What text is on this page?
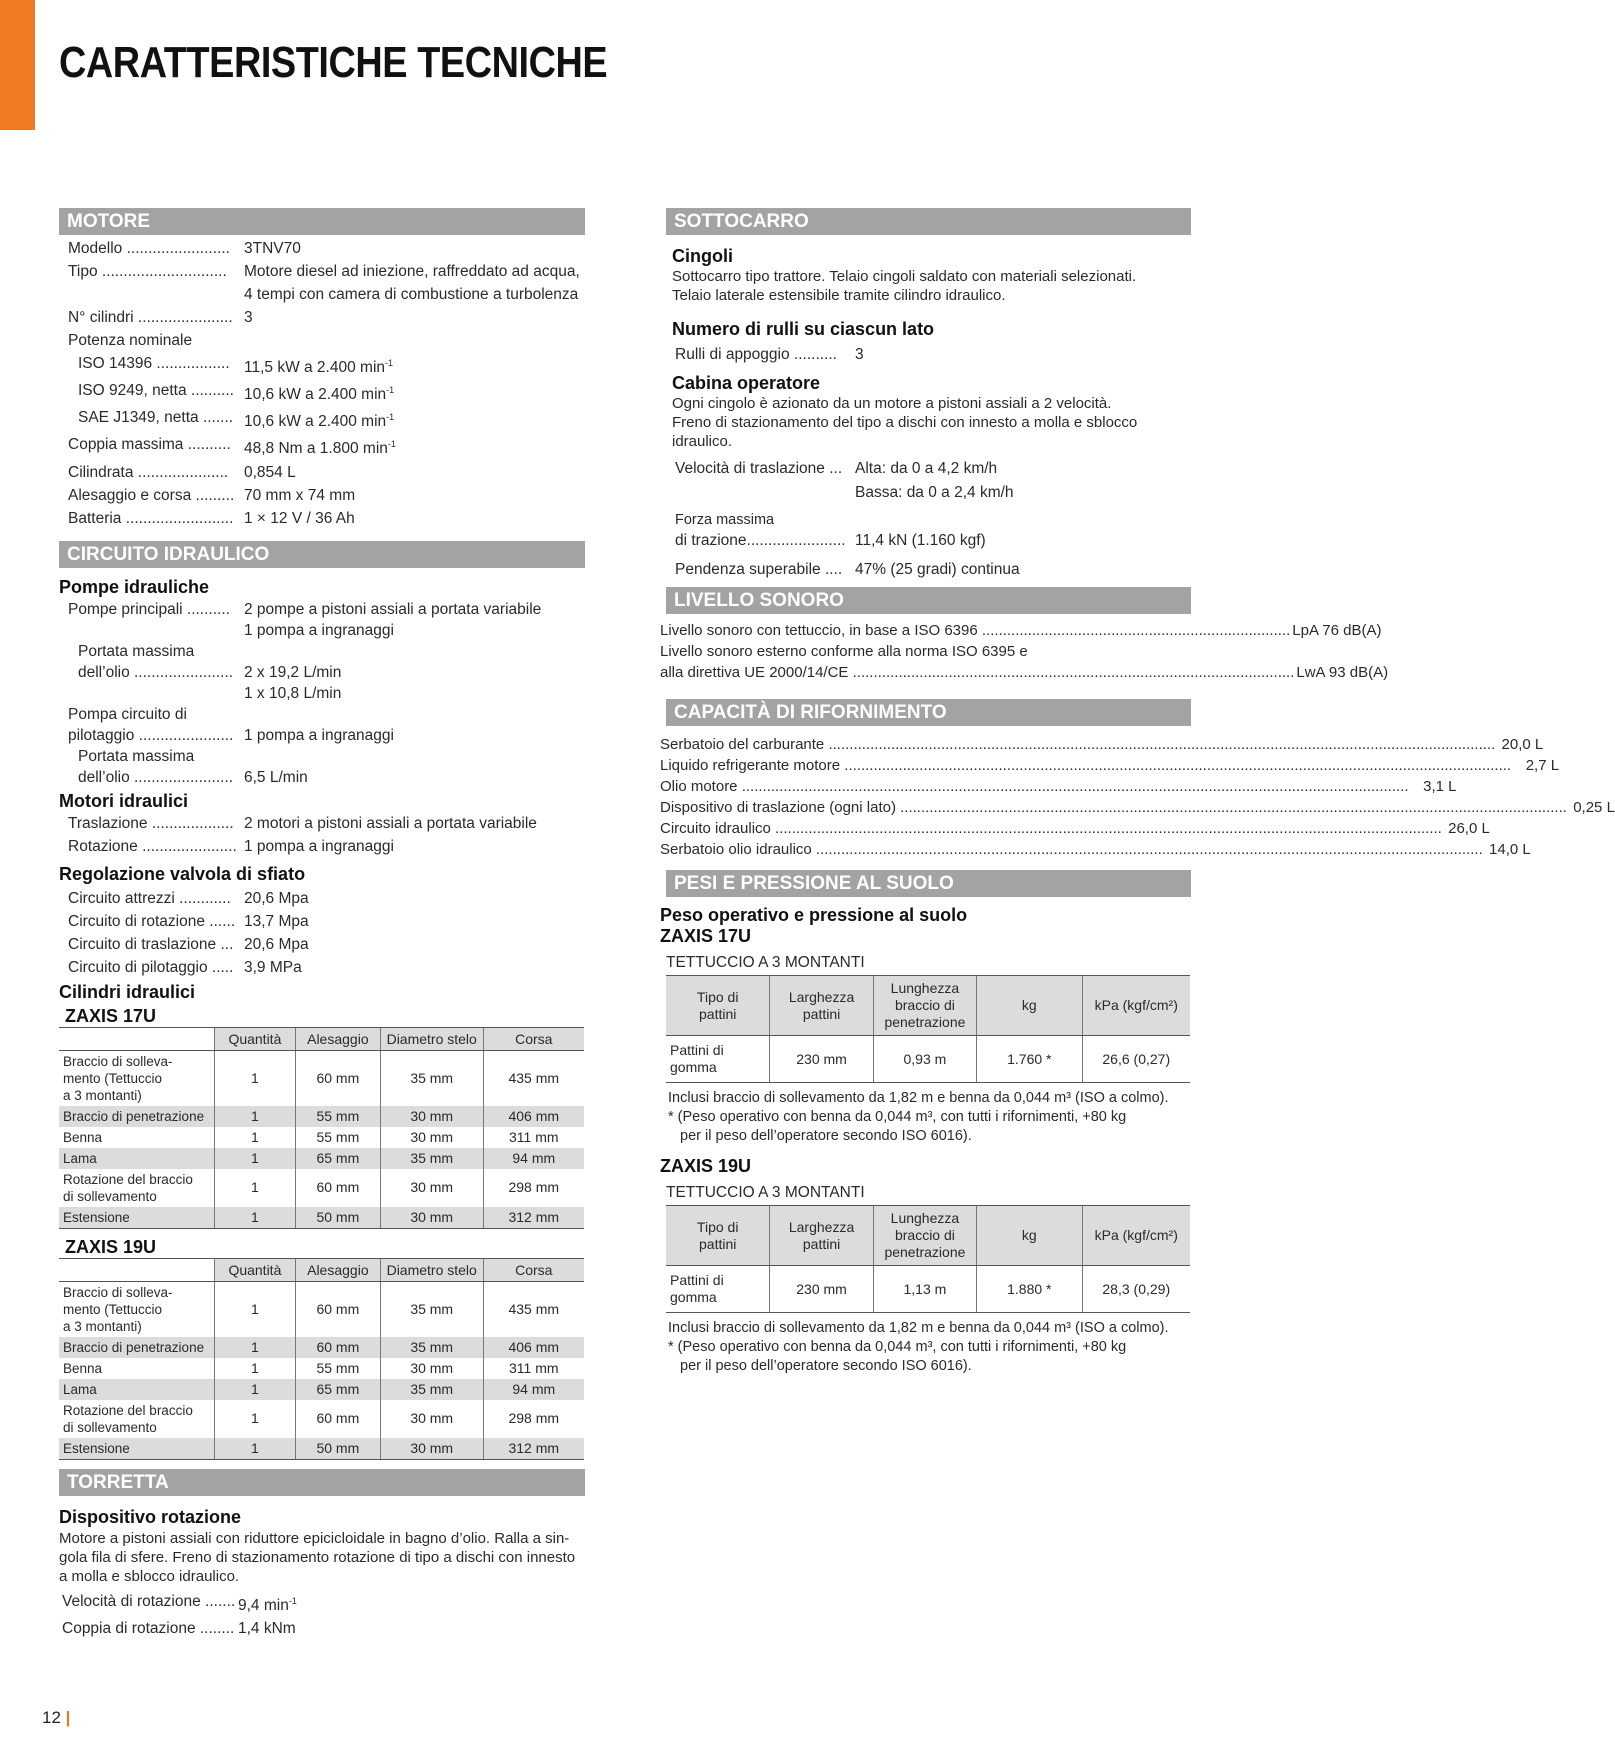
CARATTERISTICHE TECNICHE
MOTORE
Modello ........................ 3TNV70
Tipo .............................	Motore diesel ad iniezione, raffreddato ad acqua,
4 tempi con camera di combustione a turbolenza
N° cilindri ...................... 3
Potenza nominale
ISO 14396 ................. 11,5 kW a 2.400 $\min^{-1}$
ISO 9249, netta .......... 10,6 kW a 2.400 $\min^{-1}$
SAE J1349, netta ....... 10,6 kW a 2.400 $\min^{-1}$
Coppia massima .......... 48,8 Nm a 1.800 $\min^{-1}$
Cilindrata .....................	0,854 L
Alesaggio e corsa ......... 70 mm x 74 mm
Batteria ......................... 1 × 12 V / 36 Ah
CIRCUITO IDRAULICO

Pompe idrauliche

Pompe principali .......... 2 pompe a pistoni assiali a portata variabile
1 pompa a ingranaggi
Portata massima
dell’olio ....................... 2 x 19,2 L/min
1 x 10,8 L/min
Pompa circuito di
pilotaggio ...................... 1 pompa a ingranaggi
Portata massima
dell’olio ....................... 6,5 L/min

Motori idraulici

Traslazione ................... 2 motori a pistoni assiali a portata variabile
Rotazione ...................... 1 pompa a ingranaggi

Regolazione valvola di sfiato

Circuito attrezzi ............ 20,6 Mpa
Circuito di rotazione ...... 13,7 Mpa
Circuito di traslazione ... 20,6 Mpa
Circuito di pilotaggio ..... 3,9 MPa

Cilindri idraulici

ZAXIS 17U

	Quantità	Alesaggio	Diametro stelo	Corsa
Braccio di solleva-
mento (Tettuccio
a 3 montanti)	1	60 mm	35 mm	435 mm
Braccio di penetrazione	1	55 mm	30 mm	406 mm
Benna	1	55 mm	30 mm	311 mm
Lama	1	65 mm	35 mm	94 mm
Rotazione del braccio
di sollevamento	1	60 mm	30 mm	298 mm
Estensione	1	50 mm	30 mm	312 mm

ZAXIS 19U

	Quantità	Alesaggio	Diametro stelo	Corsa
Braccio di solleva-
mento (Tettuccio
a 3 montanti)	1	60 mm	35 mm	435 mm
Braccio di penetrazione	1	60 mm	35 mm	406 mm
Benna	1	55 mm	30 mm	311 mm
Lama	1	65 mm	35 mm	94 mm
Rotazione del braccio
di sollevamento	1	60 mm	30 mm	298 mm
Estensione	1	50 mm	30 mm	312 mm
TORRETTA

Dispositivo rotazione

Motore a pistoni assiali con riduttore epicicloidale in bagno d’olio. Ralla a sin-
gola fila di sfere. Freno di stazionamento rotazione di tipo a dischi con innesto
a molla e sblocco idraulico.

Velocità di rotazione ....... 9,4 $\min^{-1}$
Coppia di rotazione ........ 1,4 kNm
SOTTOCARRO

Cingoli

Sottocarro tipo trattore. Telaio cingoli saldato con materiali selezionati.
Telaio laterale estensibile tramite cilindro idraulico.

Numero di rulli su ciascun lato

Rulli di appoggio ..........	3

Cabina operatore

Ogni cingolo è azionato da un motore a pistoni assiali a 2 velocità.
Freno di stazionamento del tipo a dischi con innesto a molla e sblocco
idraulico.

Velocità di traslazione ... Alta: da 0 a 4,2 km/h
Bassa: da 0 a 2,4 km/h
Forza massima
di trazione....................... 11,4 kN (1.160 kgf)
Pendenza superabile .... 47% (25 gradi) continua
LIVELLO SONORO
Livello sonoro con tettuccio, in base a ISO 6396 .......................................................................... LpA 76 dB(A)
Livello sonoro esterno conforme alla norma ISO 6395 e
alla direttiva UE 2000/14/CE .......................................................................................................... LwA 93 dB(A)
CAPACITÀ DI RIFORNIMENTO
Serbatoio del carburante ................................................................................................................................................................ 20,0 L
Liquido refrigerante motore ................................................................................................................................................................ 2,7 L
Olio motore ................................................................................................................................................................ 3,1 L
Dispositivo di traslazione (ogni lato) ................................................................................................................................................................ 0,25 L
Circuito idraulico ................................................................................................................................................................ 26,0 L
Serbatoio olio idraulico ................................................................................................................................................................ 14,0 L
PESI E PRESSIONE AL SUOLO

Peso operativo e pressione al suolo

ZAXIS 17U

TETTUCCIO A 3 MONTANTI

Tipo di
pattini	Larghezza
pattini	Lunghezza
braccio di
penetrazione	kg	kPa (kgf/cm²)
Pattini di
gomma	230 mm	0,93 m	1.760 *	26,6 (0,27)

Inclusi braccio di sollevamento da 1,82 m e benna da 0,044 m³ (ISO a colmo).

* (Peso operativo con benna da 0,044 m³, con tutti i rifornimenti, +80 kg

per il peso dell’operatore secondo ISO 6016).

ZAXIS 19U

TETTUCCIO A 3 MONTANTI

Tipo di
pattini	Larghezza
pattini	Lunghezza
braccio di
penetrazione	kg	kPa (kgf/cm²)
Pattini di
gomma	230 mm	1,13 m	1.880 *	28,3 (0,29)

Inclusi braccio di sollevamento da 1,82 m e benna da 0,044 m³ (ISO a colmo).

* (Peso operativo con benna da 0,044 m³, con tutti i rifornimenti, +80 kg

per il peso dell’operatore secondo ISO 6016).

12 |
